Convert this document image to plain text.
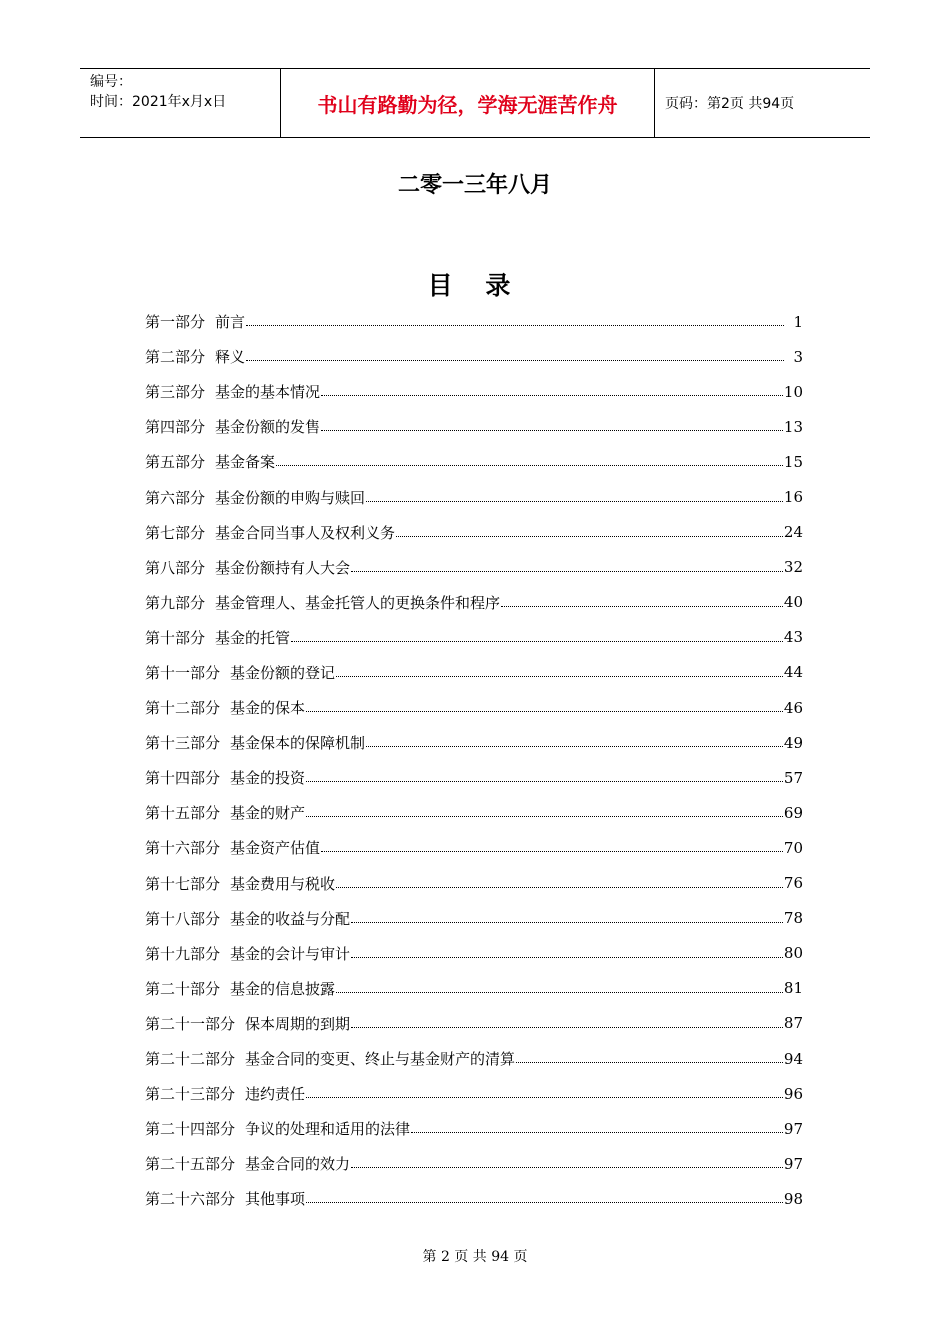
编号：
时间：2021年x月x日	书山有路勤为径，学海无涯苦作舟	页码：第2页 共94页
二零一三年八月
目 录
第一部分 前言	1
第二部分 释义	3
第三部分 基金的基本情况	10
第四部分 基金份额的发售	13
第五部分 基金备案	15
第六部分 基金份额的申购与赎回	16
第七部分 基金合同当事人及权利义务	24
第八部分 基金份额持有人大会	32
第九部分 基金管理人、基金托管人的更换条件和程序	40
第十部分 基金的托管	43
第十一部分 基金份额的登记	44
第十二部分 基金的保本	46
第十三部分 基金保本的保障机制	49
第十四部分 基金的投资	57
第十五部分 基金的财产	69
第十六部分 基金资产估值	70
第十七部分 基金费用与税收	76
第十八部分 基金的收益与分配	78
第十九部分 基金的会计与审计	80
第二十部分 基金的信息披露	81
第二十一部分 保本周期的到期	87
第二十二部分 基金合同的变更、终止与基金财产的清算	94
第二十三部分 违约责任	96
第二十四部分 争议的处理和适用的法律	97
第二十五部分 基金合同的效力	97
第二十六部分 其他事项	98
第 2 页 共 94 页
